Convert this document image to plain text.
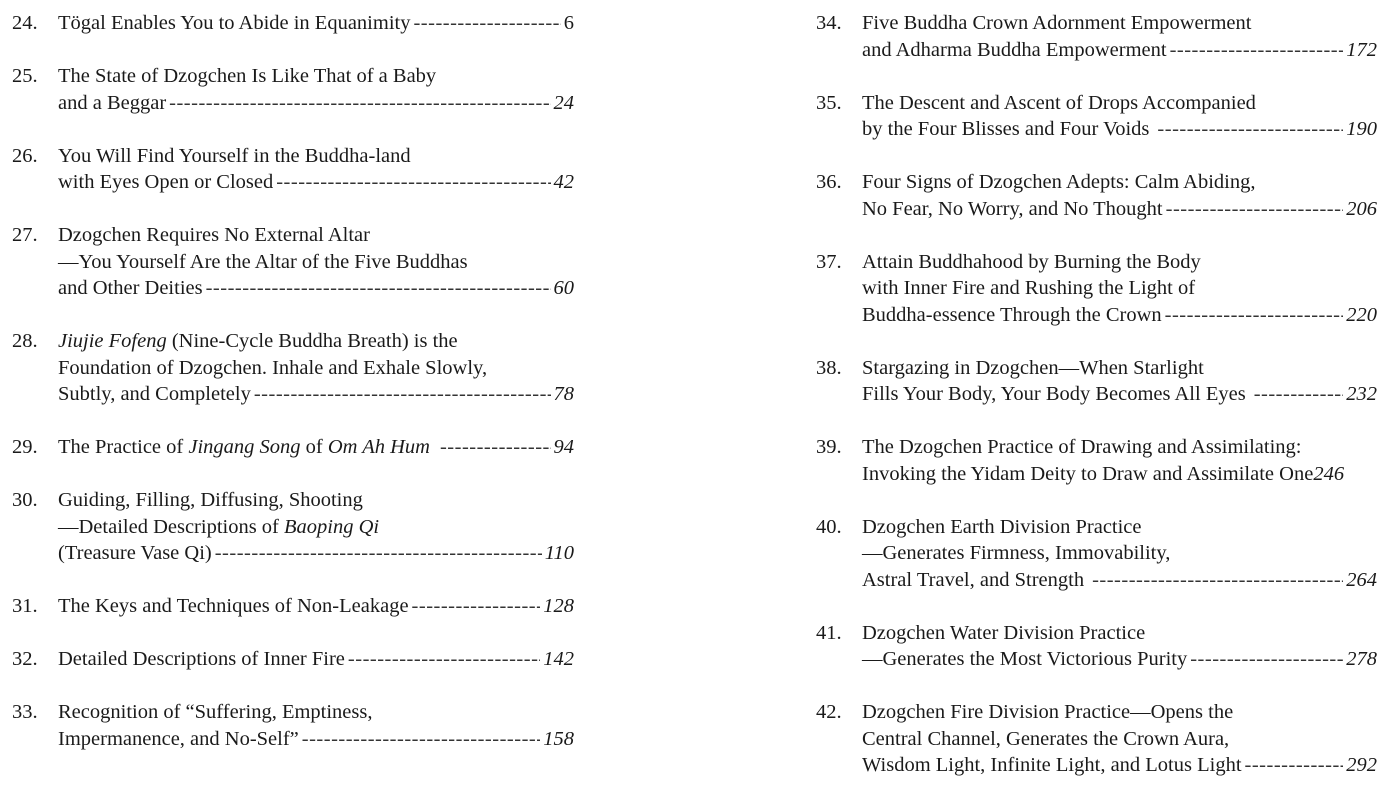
24. Tögal Enables You to Abide in Equanimity -----	6
25. The State of Dzogchen Is Like That of a Baby
and a Beggar -----	24
26. You Will Find Yourself in the Buddha-land
with Eyes Open or Closed -----	42
27. Dzogchen Requires No External Altar
—You Yourself Are the Altar of the Five Buddhas
and Other Deities -----	60
28. Jiujie Fofeng (Nine-Cycle Buddha Breath) is the
Foundation of Dzogchen. Inhale and Exhale Slowly,
Subtly, and Completely -----	78
29. The Practice of Jingang Song of Om Ah Hum -----	94
30. Guiding, Filling, Diffusing, Shooting
—Detailed Descriptions of Baoping Qi
(Treasure Vase Qi) -----	110
31. The Keys and Techniques of Non-Leakage -----	128
32. Detailed Descriptions of Inner Fire -----	142
33. Recognition of “Suffering, Emptiness,
Impermanence, and No-Self” -----	158
34. Five Buddha Crown Adornment Empowerment
and Adharma Buddha Empowerment -----	172
35. The Descent and Ascent of Drops Accompanied
by the Four Blisses and Four Voids -----	190
36. Four Signs of Dzogchen Adepts: Calm Abiding,
No Fear, No Worry, and No Thought -----	206
37. Attain Buddhahood by Burning the Body
with Inner Fire and Rushing the Light of
Buddha-essence Through the Crown -----	220
38. Stargazing in Dzogchen—When Starlight
Fills Your Body, Your Body Becomes All Eyes -----	232
39. The Dzogchen Practice of Drawing and Assimilating:
Invoking the Yidam Deity to Draw and Assimilate One 246
40. Dzogchen Earth Division Practice
—Generates Firmness, Immovability,
Astral Travel, and Strength -----	264
41. Dzogchen Water Division Practice
—Generates the Most Victorious Purity -----	278
42. Dzogchen Fire Division Practice—Opens the
Central Channel, Generates the Crown Aura,
Wisdom Light, Infinite Light, and Lotus Light -----	292
